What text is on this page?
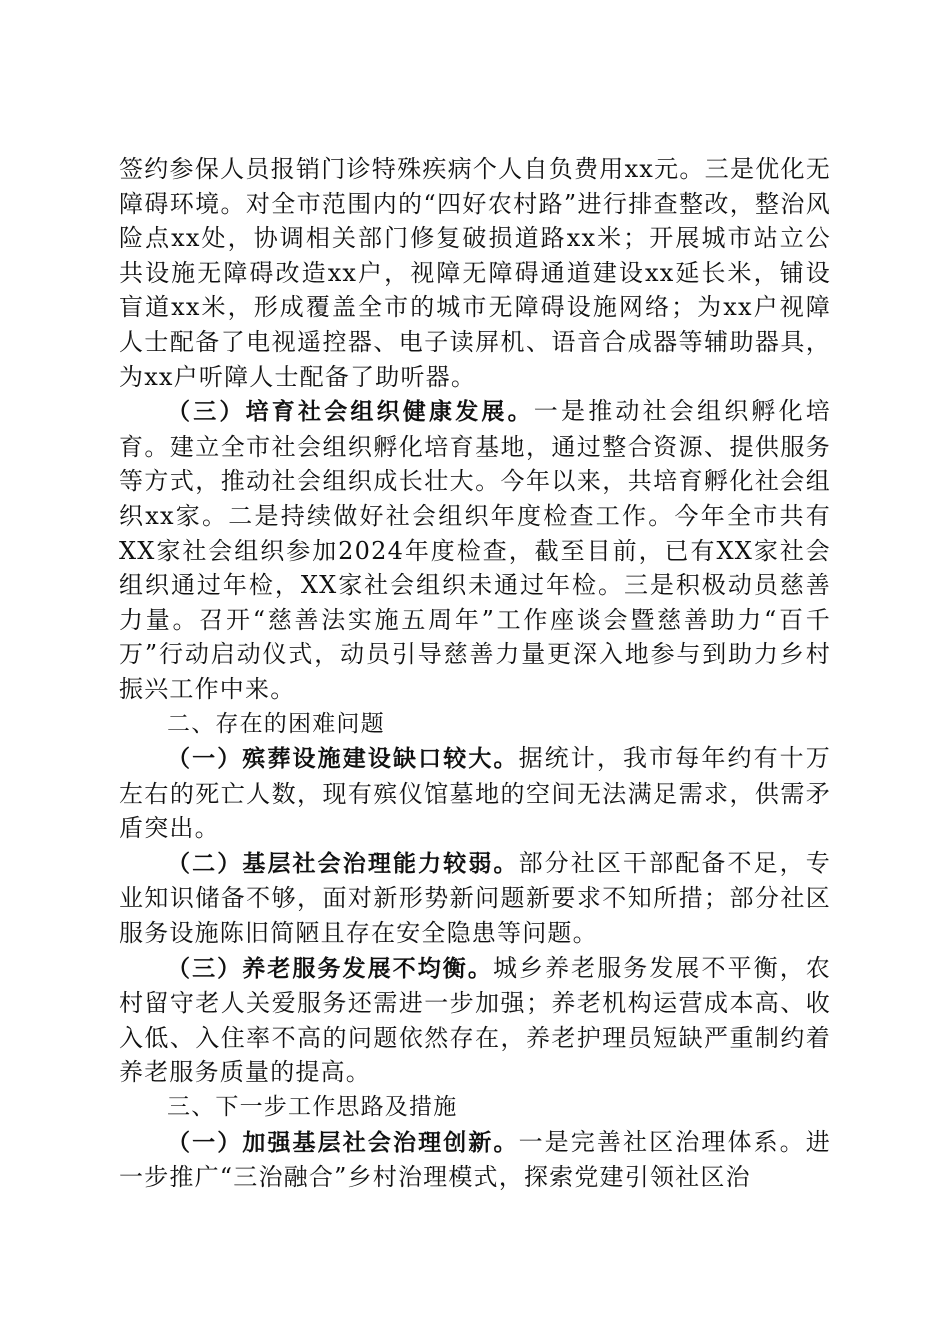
签约参保人员报销门诊特殊疾病个人自负费用xx元。三是优化无障碍环境。对全市范围内的“四好农村路”进行排查整改，整治风险点xx处，协调相关部门修复破损道路xx米；开展城市站立公共设施无障碍改造xx户，视障无障碍通道建设xx延长米，铺设盲道xx米，形成覆盖全市的城市无障碍设施网络；为xx户视障人士配备了电视遥控器、电子读屏机、语音合成器等辅助器具，为xx户听障人士配备了助听器。

（三）培育社会组织健康发展。一是推动社会组织孵化培育。建立全市社会组织孵化培育基地，通过整合资源、提供服务等方式，推动社会组织成长壮大。今年以来，共培育孵化社会组织xx家。二是持续做好社会组织年度检查工作。今年全市共有XX家社会组织参加2024年度检查，截至目前，已有XX家社会组织通过年检，XX家社会组织未通过年检。三是积极动员慈善力量。召开“慈善法实施五周年”工作座谈会暨慈善助力“百千万”行动启动仪式，动员引导慈善力量更深入地参与到助力乡村振兴工作中来。

二、存在的困难问题

（一）殡葬设施建设缺口较大。据统计，我市每年约有十万左右的死亡人数，现有殡仪馆墓地的空间无法满足需求，供需矛盾突出。

（二）基层社会治理能力较弱。部分社区干部配备不足，专业知识储备不够，面对新形势新问题新要求不知所措；部分社区服务设施陈旧简陋且存在安全隐患等问题。

（三）养老服务发展不均衡。城乡养老服务发展不平衡，农村留守老人关爱服务还需进一步加强；养老机构运营成本高、收入低、入住率不高的问题依然存在，养老护理员短缺严重制约着养老服务质量的提高。

三、下一步工作思路及措施

（一）加强基层社会治理创新。一是完善社区治理体系。进一步推广“三治融合”乡村治理模式，探索党建引领社区治
